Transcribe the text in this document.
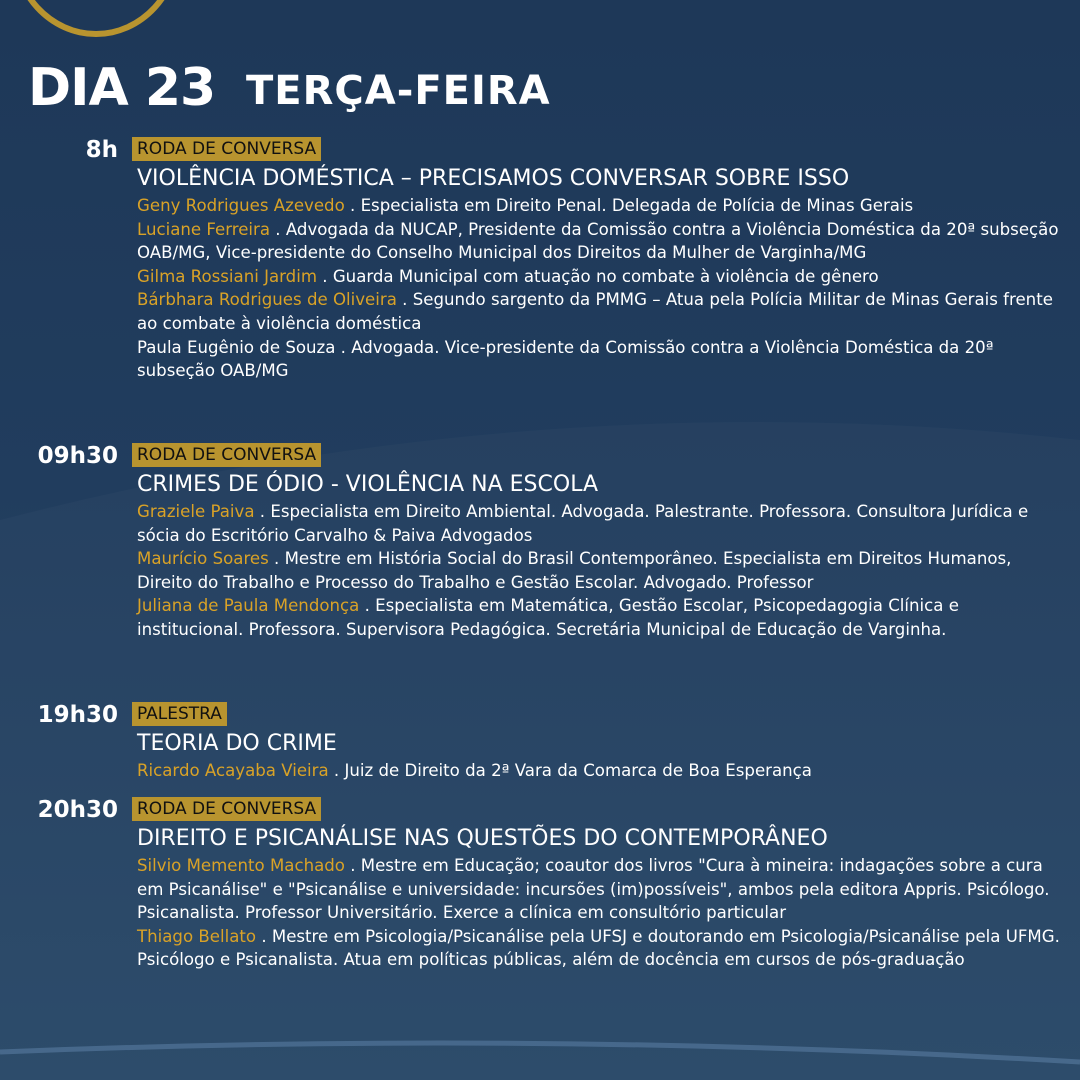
DIA 23 TERÇA-FEIRA
8h RODA DE CONVERSA
VIOLÊNCIA DOMÉSTICA – PRECISAMOS CONVERSAR SOBRE ISSO

Geny Rodrigues Azevedo . Especialista em Direito Penal. Delegada de Polícia de Minas Gerais

Luciane Ferreira . Advogada da NUCAP, Presidente da Comissão contra a Violência Doméstica da 20ª subseção OAB/MG, Vice-presidente do Conselho Municipal dos Direitos da Mulher de Varginha/MG

Gilma Rossiani Jardim . Guarda Municipal com atuação no combate à violência de gênero

Bárbhara Rodrigues de Oliveira . Segundo sargento da PMMG – Atua pela Polícia Militar de Minas Gerais frente ao combate à violência doméstica

Paula Eugênio de Souza . Advogada. Vice-presidente da Comissão contra a Violência Doméstica da 20ª subseção OAB/MG

09h30 RODA DE CONVERSA
CRIMES DE ÓDIO - VIOLÊNCIA NA ESCOLA

Graziele Paiva . Especialista em Direito Ambiental. Advogada. Palestrante. Professora. Consultora Jurídica e sócia do Escritório Carvalho & Paiva Advogados

Maurício Soares . Mestre em História Social do Brasil Contemporâneo. Especialista em Direitos Humanos, Direito do Trabalho e Processo do Trabalho e Gestão Escolar. Advogado. Professor

Juliana de Paula Mendonça . Especialista em Matemática, Gestão Escolar, Psicopedagogia Clínica e institucional. Professora. Supervisora Pedagógica. Secretária Municipal de Educação de Varginha.

19h30 PALESTRA
TEORIA DO CRIME

Ricardo Acayaba Vieira . Juiz de Direito da 2ª Vara da Comarca de Boa Esperança

20h30 RODA DE CONVERSA
DIREITO E PSICANÁLISE NAS QUESTÕES DO CONTEMPORÂNEO

Silvio Memento Machado . Mestre em Educação; coautor dos livros "Cura à mineira: indagações sobre a cura em Psicanálise" e "Psicanálise e universidade: incursões (im)possíveis", ambos pela editora Appris. Psicólogo. Psicanalista. Professor Universitário. Exerce a clínica em consultório particular

Thiago Bellato . Mestre em Psicologia/Psicanálise pela UFSJ e doutorando em Psicologia/Psicanálise pela UFMG. Psicólogo e Psicanalista. Atua em políticas públicas, além de docência em cursos de pós-graduação
